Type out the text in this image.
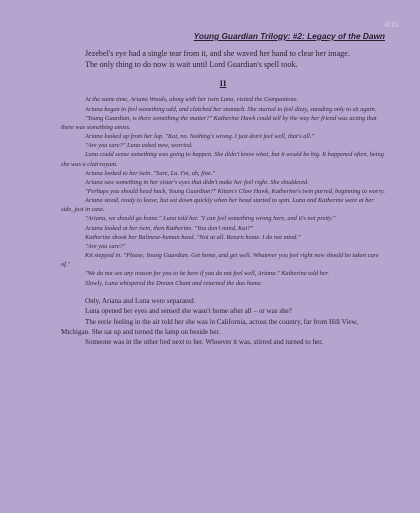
4/10
Young Guardian Trilogy: #2: Legacy of the Dawn

Jezebel's eye had a single tear from it, and she waved her hand to clear her image.

The only thing to do now is wait until Lord Guardian's spell took.

II

At the same time, Ariana Woods, along with her twin Luna, visited the Companions.

Ariana began to feel something odd, and clutched her stomach. She started to feel dizzy, standing only to sit again.

"Young Guardian, is there something the matter?" Katherine Hawk could tell by the way her friend was acting that there was something amiss.

Ariana looked up from her lap. "Kat, no. Nothing's wrong. I just don't feel well, that's all."

"Are you sure?" Luna asked now, worried.

Luna could sense something was going to happen. She didn't know what, but it would be big. It happened often, being she was a clairvoyant.

Ariana looked to her twin. "Sure, Lu. I'm, uh, fine."

Ariana saw something in her sister's eyes that didn't make her feel right. She shuddered.

"Perhaps you should head back, Young Guardian?" Kitten's Claw Hawk, Katherine's twin purred, beginning to worry.

Ariana stood, ready to leave, but sat down quickly when her head started to spin. Luna and Katherine were at her side, just in case.

"Ariana, we should go home." Luna told her. "I can feel something wrong here, and it's not pretty."

Ariana looked at her twin, then Katherine. "You don't mind, Kat?"

Katherine shook her Balinese-human head. "Not at all. Return home. I do not mind."

"Are you sure?"

Kit stepped in. "Please, Young Guardian. Get home, and get well. Whatever you feel right now should be taken care of."

"We do not see any reason for you to be here if you do not feel well, Ariana." Katherine told her.

Slowly, Luna whispered the Dream Chant and returned the duo home.

Only, Ariana and Luna were separated.

Luna opened her eyes and sensed she wasn't home after all – or was she?

The eerie feeling in the air told her she was in California, across the country, far from Hill View, Michigan. She sat up and turned the lamp on beside her.

Someone was in the other bed next to her. Whoever it was, stirred and turned to her.
